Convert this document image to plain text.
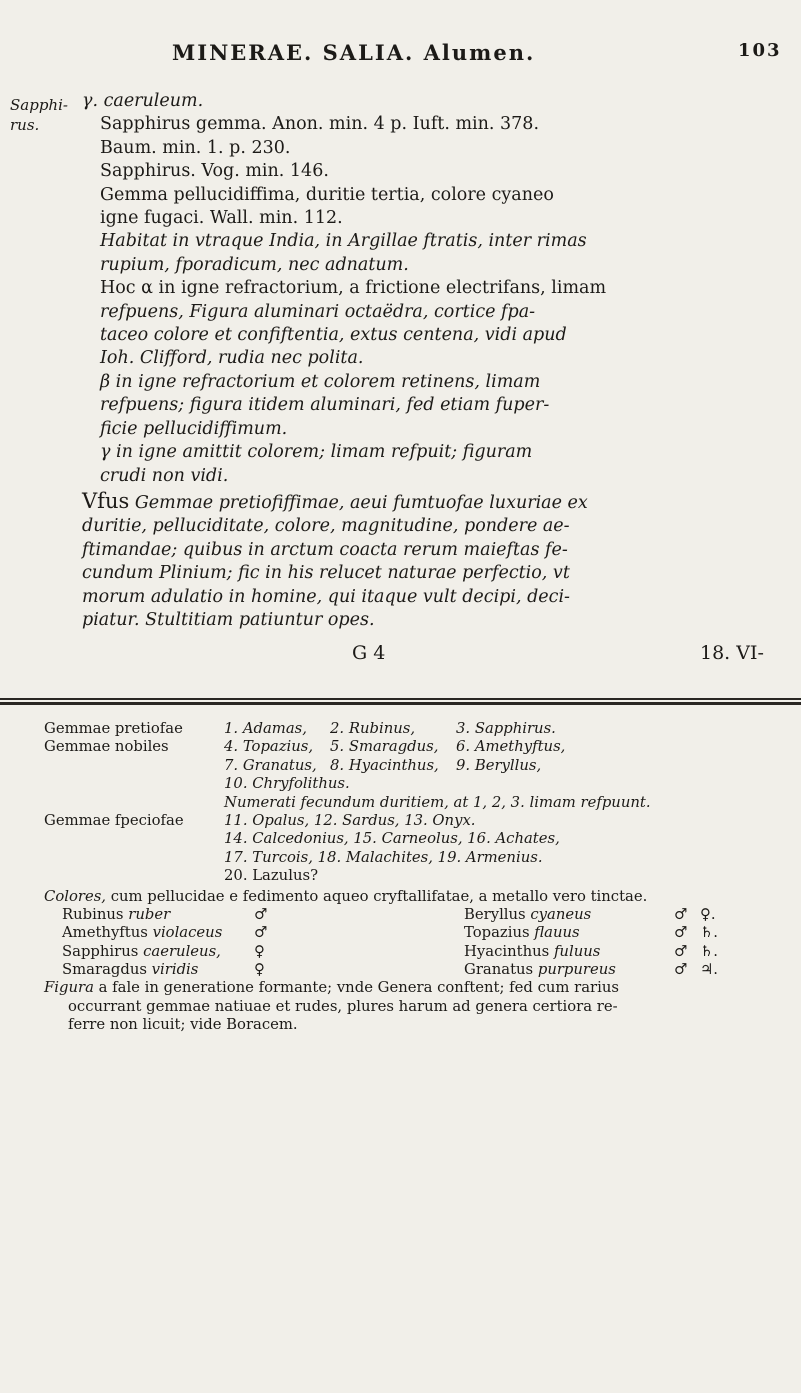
MINERAE. SALIA. Alumen.	103
Sapphi-
rus.

γ. caeruleum.

Sapphirus gemma. Anon. min. 4 p. Iuft. min. 378.

Baum. min. 1. p. 230.

Sapphirus. Vog. min. 146.

Gemma pellucidiffima, duritie tertia, colore cyaneo

igne fugaci. Wall. min. 112.

Habitat in vtraque India, in Argillae ftratis, inter rimas

rupium, fporadicum, nec adnatum.

Hoc α in igne refractorium, a frictione electrifans, limam

refpuens, Figura aluminari octaëdra, cortice fpa-

taceo colore et confiftentia, extus centena, vidi apud

Ioh. Clifford, rudia nec polita.

β in igne refractorium et colorem retinens, limam

refpuens; figura itidem aluminari, fed etiam fuper-

ficie pellucidiffimum.

γ in igne amittit colorem; limam refpuit; figuram

crudi non vidi.

Vfus Gemmae pretiofiffimae, aeui fumtuofae luxuriae ex

duritie, pelluciditate, colore, magnitudine, pondere ae-

ftimandae; quibus in arctum coacta rerum maieftas fe-

cundum Plinium; fic in his relucet naturae perfectio, vt

morum adulatio in homine, qui itaque vult decipi, deci-

piatur. Stultitiam patiuntur opes.

G 4	18. VI-
Gemmae pretiofae	1. Adamas, 2. Rubinus,	3. Sapphirus.
Gemmae nobiles	4. Topazius, 5. Smaragdus, 6. Amethyftus,
7. Granatus, 8. Hyacinthus, 9. Beryllus,
10. Chryfolithus.
Numerati fecundum duritiem, at 1, 2, 3. limam refpuunt.
Gemmae fpeciofae	11. Opalus, 12. Sardus, 13. Onyx.
14. Calcedonius, 15. Carneolus, 16. Achates,
17. Turcois, 18. Malachites, 19. Armenius.
20. Lazulus?
Colores, cum pellucidae e fedimento aqueo cryftallifatae, a metallo vero tinctae.
Rubinus ruber	♂	Beryllus cyaneus	♂ ♀.
Amethyftus violaceus ♂	Topazius flauus	♂ ♄.
Sapphirus caeruleus, ♀	Hyacinthus fuluus	♂ ♄.
Smaragdus viridis	♀	Granatus purpureus	♂ ♃.
Figura a fale in generatione formante; vnde Genera conftent; fed cum rarius
occurrant gemmae natiuae et rudes, plures harum ad genera certiora re-
ferre non licuit; vide Boracem.
